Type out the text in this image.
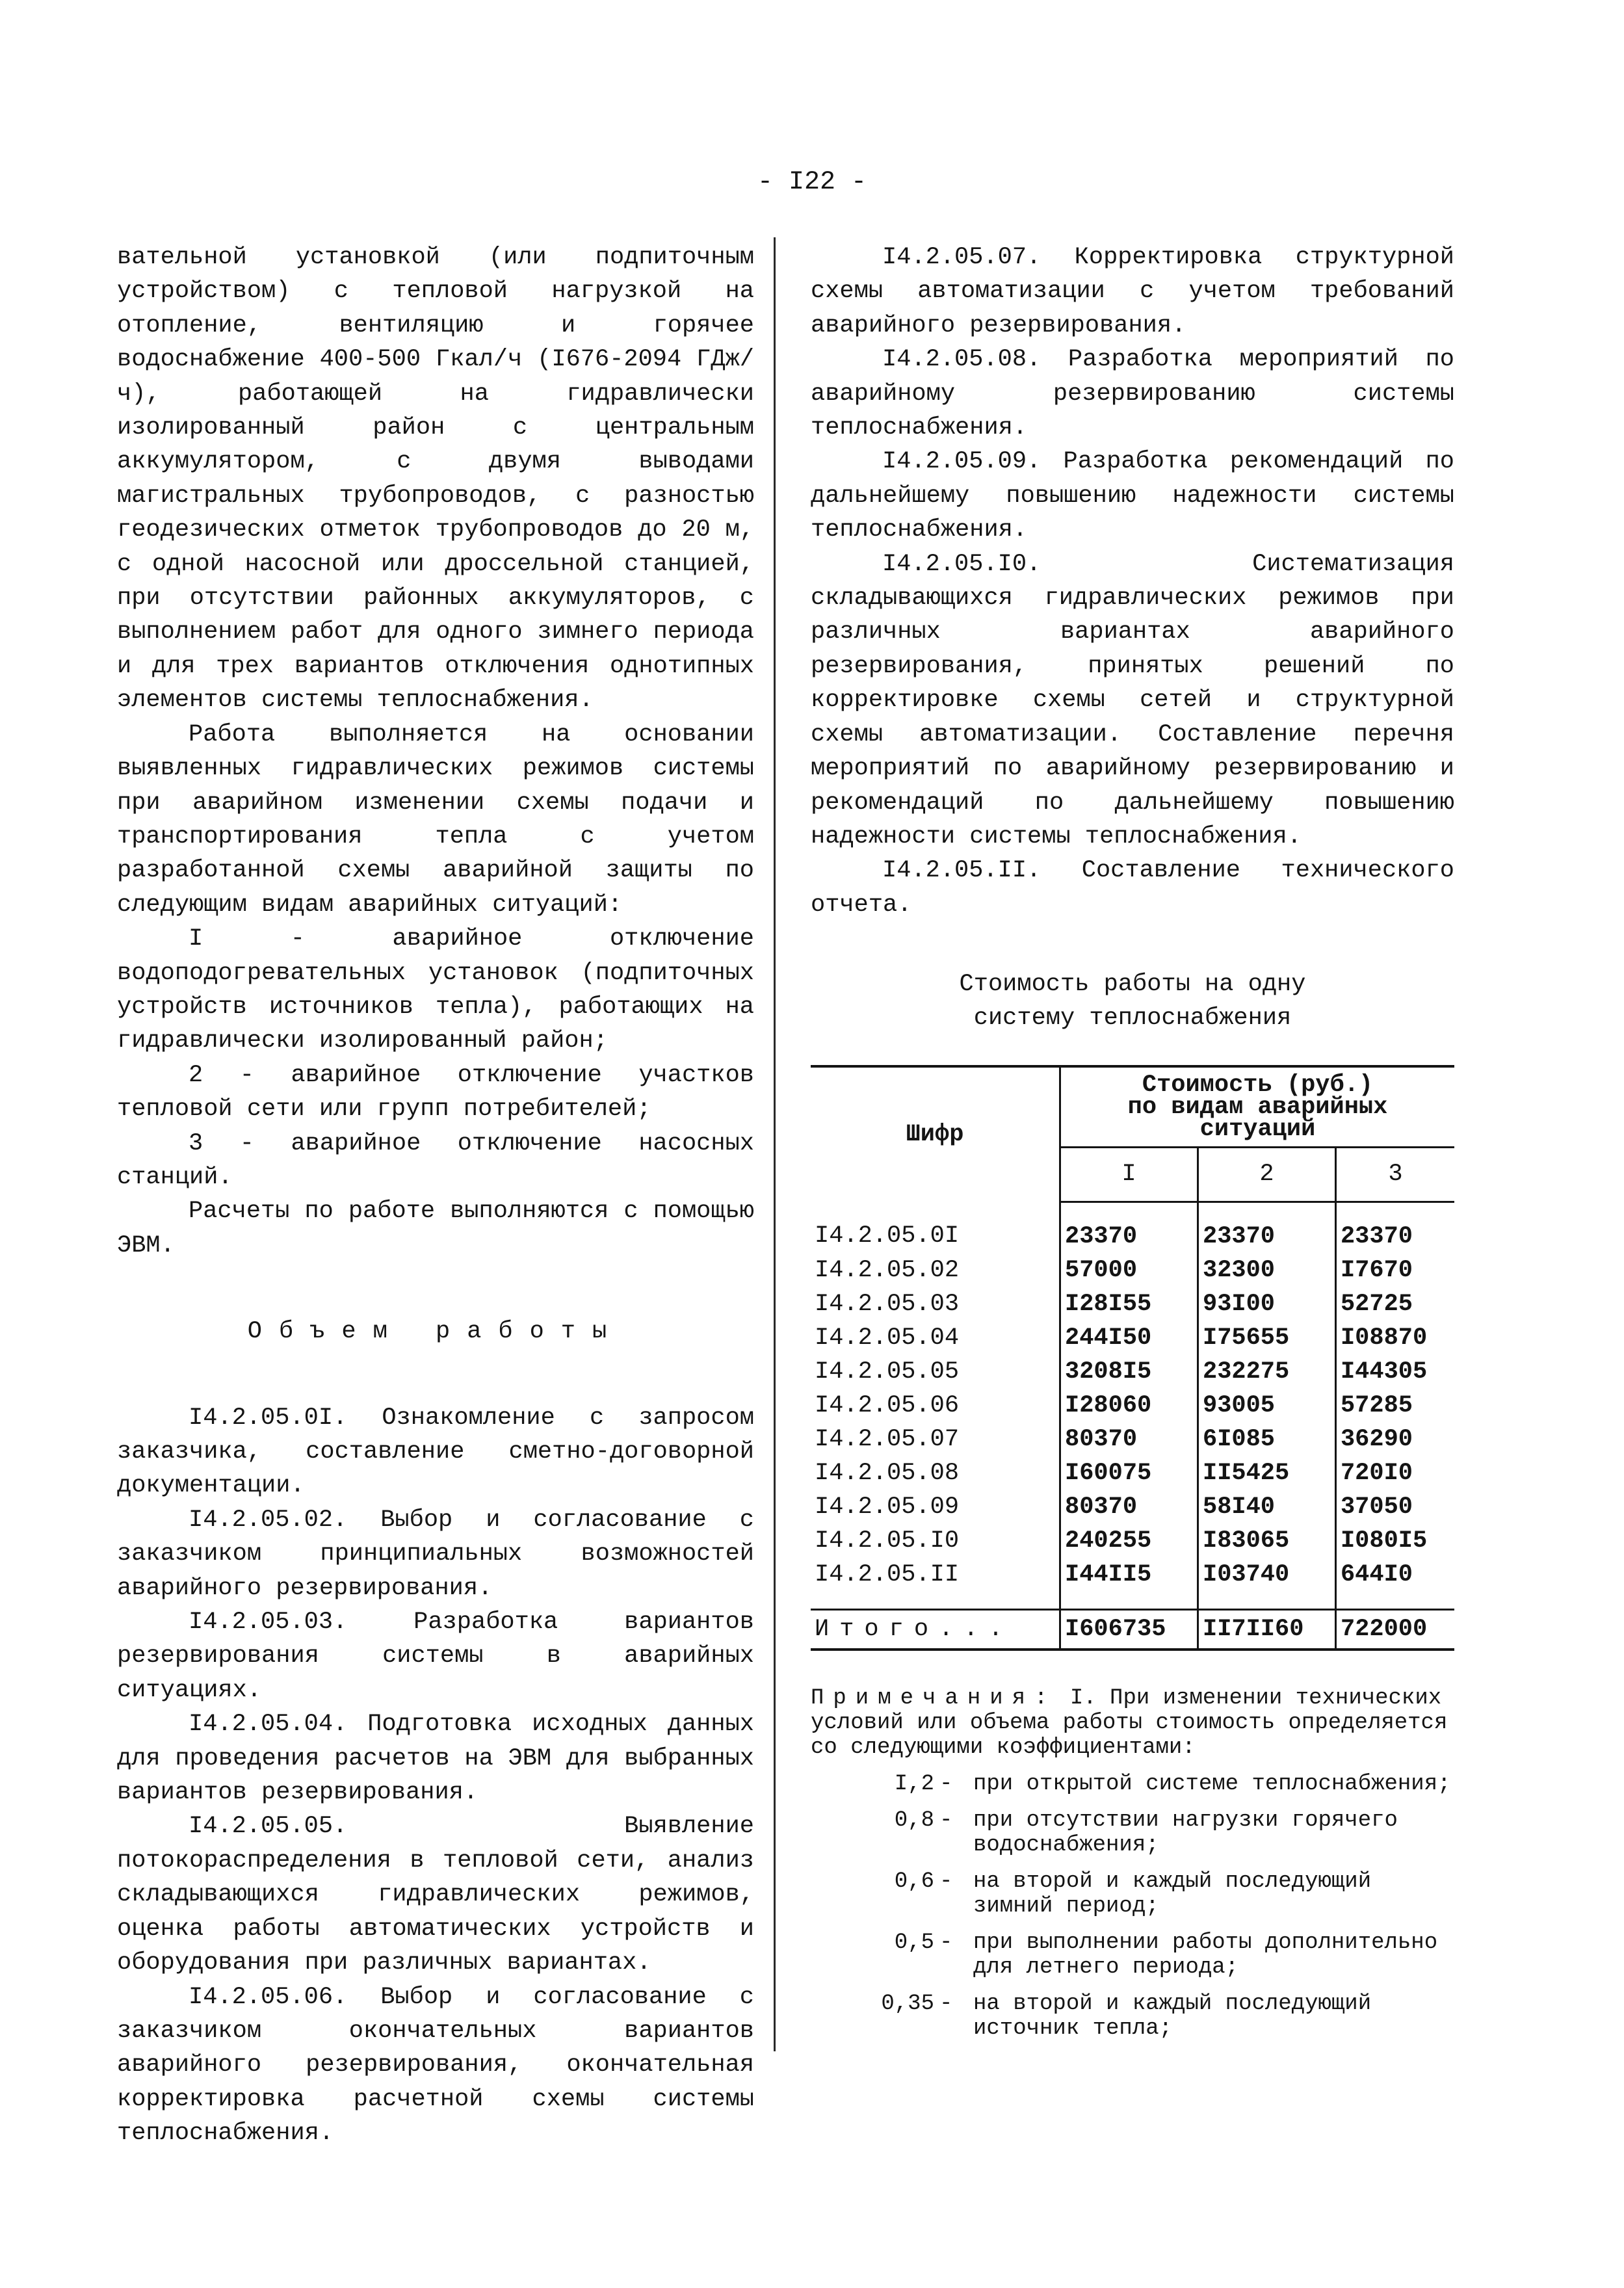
- I22 -

вательной установкой (или подпиточным устройством) с тепловой нагрузкой на отопление, вентиляцию и горячее водоснабжение 400-500 Гкал/ч (I676-2094 ГДж/ч), работающей на гидравлически изолированный район с центральным аккумулятором, с двумя выводами магистральных трубопроводов, с разностью геодезических отметок трубопроводов до 20 м, с одной насосной или дроссельной станцией, при отсутствии районных аккумуляторов, с выполнением работ для одного зимнего периода и для трех вариантов отключения однотипных элементов системы теплоснабжения.

Работа выполняется на основании выявленных гидравлических режимов системы при аварийном изменении схемы подачи и транспортирования тепла с учетом разработанной схемы аварийной защиты по следующим видам аварийных ситуаций:

I - аварийное отключение водоподогревательных установок (подпиточных устройств источников тепла), работающих на гидравлически изолированный район;

2 - аварийное отключение участков тепловой сети или групп потребителей;

3 - аварийное отключение насосных станций.

Расчеты по работе выполняются с помощью ЭВМ.

Объем работы

I4.2.05.0I. Ознакомление с запросом заказчика, составление сметно-договорной документации.

I4.2.05.02. Выбор и согласование с заказчиком принципиальных возможностей аварийного резервирования.

I4.2.05.03. Разработка вариантов резервирования системы в аварийных ситуациях.

I4.2.05.04. Подготовка исходных данных для проведения расчетов на ЭВМ для выбранных вариантов резервирования.

I4.2.05.05. Выявление потокораспределения в тепловой сети, анализ складывающихся гидравлических режимов, оценка работы автоматических устройств и оборудования при различных вариантах.

I4.2.05.06. Выбор и согласование с заказчиком окончательных вариантов аварийного резервирования, окончательная корректировка расчетной схемы системы теплоснабжения.

I4.2.05.07. Корректировка структурной схемы автоматизации с учетом требований аварийного резервирования.

I4.2.05.08. Разработка мероприятий по аварийному резервированию системы теплоснабжения.

I4.2.05.09. Разработка рекомендаций по дальнейшему повышению надежности системы теплоснабжения.

I4.2.05.I0. Систематизация складывающихся гидравлических режимов при различных вариантах аварийного резервирования, принятых решений по корректировке схемы сетей и структурной схемы автоматизации. Составление перечня мероприятий по аварийному резервированию и рекомендаций по дальнейшему повышению надежности системы теплоснабжения.

I4.2.05.II. Составление технического отчета.

Стоимость работы на одну
систему теплоснабжения
Шифр	Стоимость (руб.)
по видам аварийных
ситуаций		

	I	2	3
I4.2.05.0I	23370	23370	23370
I4.2.05.02	57000	32300	I7670
I4.2.05.03	I28I55	93I00	52725
I4.2.05.04	244I50	I75655	I08870
I4.2.05.05	3208I5	232275	I44305
I4.2.05.06	I28060	93005	57285
I4.2.05.07	80370	6I085	36290
I4.2.05.08	I60075	II5425	720I0
I4.2.05.09	80370	58I40	37050
I4.2.05.I0	240255	I83065	I080I5
I4.2.05.II	I44II5	I03740	644I0
Итого...	I606735	II7II60	722000
Примечания: I. При изменении технических условий или объема работы стоимость определяется со следующими коэффициентами:
I,2 - при открытой системе теплоснабжения;
0,8 - при отсутствии нагрузки горячего водоснабжения;
0,6 - на второй и каждый последующий зимний период;
0,5 - при выполнении работы дополнительно для летнего периода;
0,35 - на второй и каждый последующий источник тепла;
